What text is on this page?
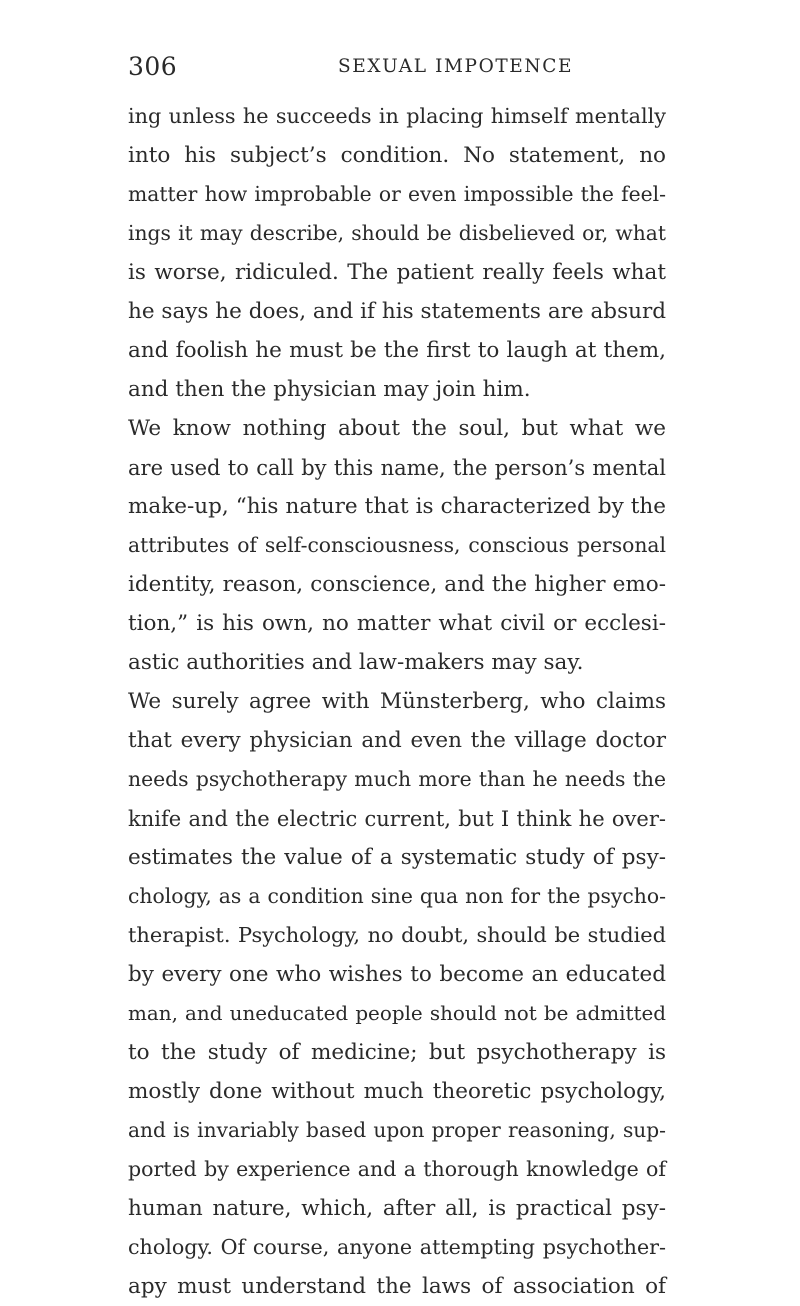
306	SEXUAL IMPOTENCE
ing unless he succeeds in placing himself mentally
into his subject’s condition. No statement, no
matter how improbable or even impossible the feel-
ings it may describe, should be disbelieved or, what
is worse, ridiculed. The patient really feels what
he says he does, and if his statements are absurd
and foolish he must be the first to laugh at them,
and then the physician may join him.
We know nothing about the soul, but what we
are used to call by this name, the person’s mental
make-up, “his nature that is characterized by the
attributes of self-consciousness, conscious personal
identity, reason, conscience, and the higher emo-
tion,” is his own, no matter what civil or ecclesi-
astic authorities and law-makers may say.
We surely agree with Münsterberg, who claims
that every physician and even the village doctor
needs psychotherapy much more than he needs the
knife and the electric current, but I think he over-
estimates the value of a systematic study of psy-
chology, as a condition sine qua non for the psycho-
therapist. Psychology, no doubt, should be studied
by every one who wishes to become an educated
man, and uneducated people should not be admitted
to the study of medicine; but psychotherapy is
mostly done without much theoretic psychology,
and is invariably based upon proper reasoning, sup-
ported by experience and a thorough knowledge of
human nature, which, after all, is practical psy-
chology. Of course, anyone attempting psychother-
apy must understand the laws of association of
